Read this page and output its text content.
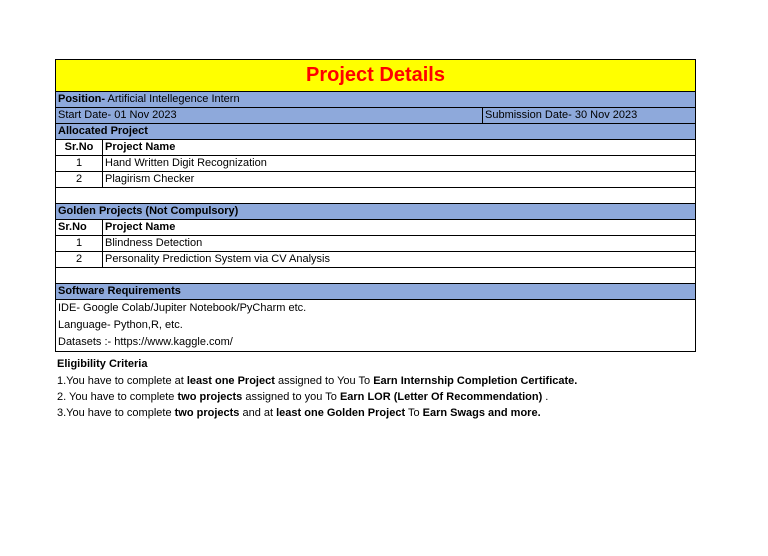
Project Details
Position- Artificial Intellegence Intern
Start Date- 01 Nov 2023	Submission Date- 30 Nov 2023
Allocated Project
Sr.No	Project Name
1	Hand Written Digit Recognization
2	Plagirism Checker
Golden Projects (Not Compulsory)
Sr.No	Project Name
1	Blindness Detection
2	Personality Prediction System via CV Analysis
Software Requirements
IDE- Google Colab/Jupiter Notebook/PyCharm etc.
Language- Python,R, etc.
Datasets :- https://www.kaggle.com/
Eligibility Criteria
1.You have to complete at least one Project assigned to You To Earn Internship Completion Certificate.
2. You have to complete two projects assigned to you To Earn LOR (Letter Of Recommendation) .
3.You have to complete two projects and at least one Golden Project To Earn Swags and more.
